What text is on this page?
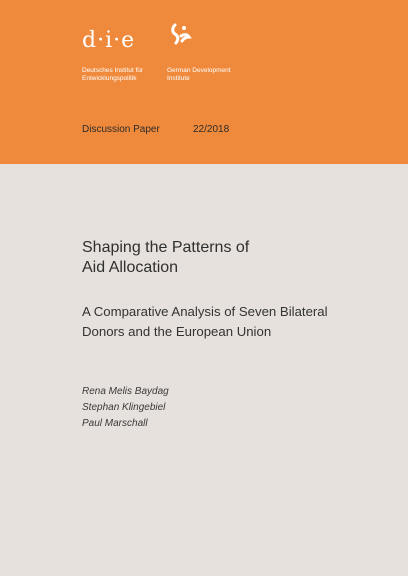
d·i·e
Deutsches Institut für
Entwicklungspolitik
German Development
Institute
Discussion Paper	22/2018
Shaping the Patterns of
Aid Allocation
A Comparative Analysis of Seven Bilateral
Donors and the European Union
Rena Melis Baydag
Stephan Klingebiel
Paul Marschall
